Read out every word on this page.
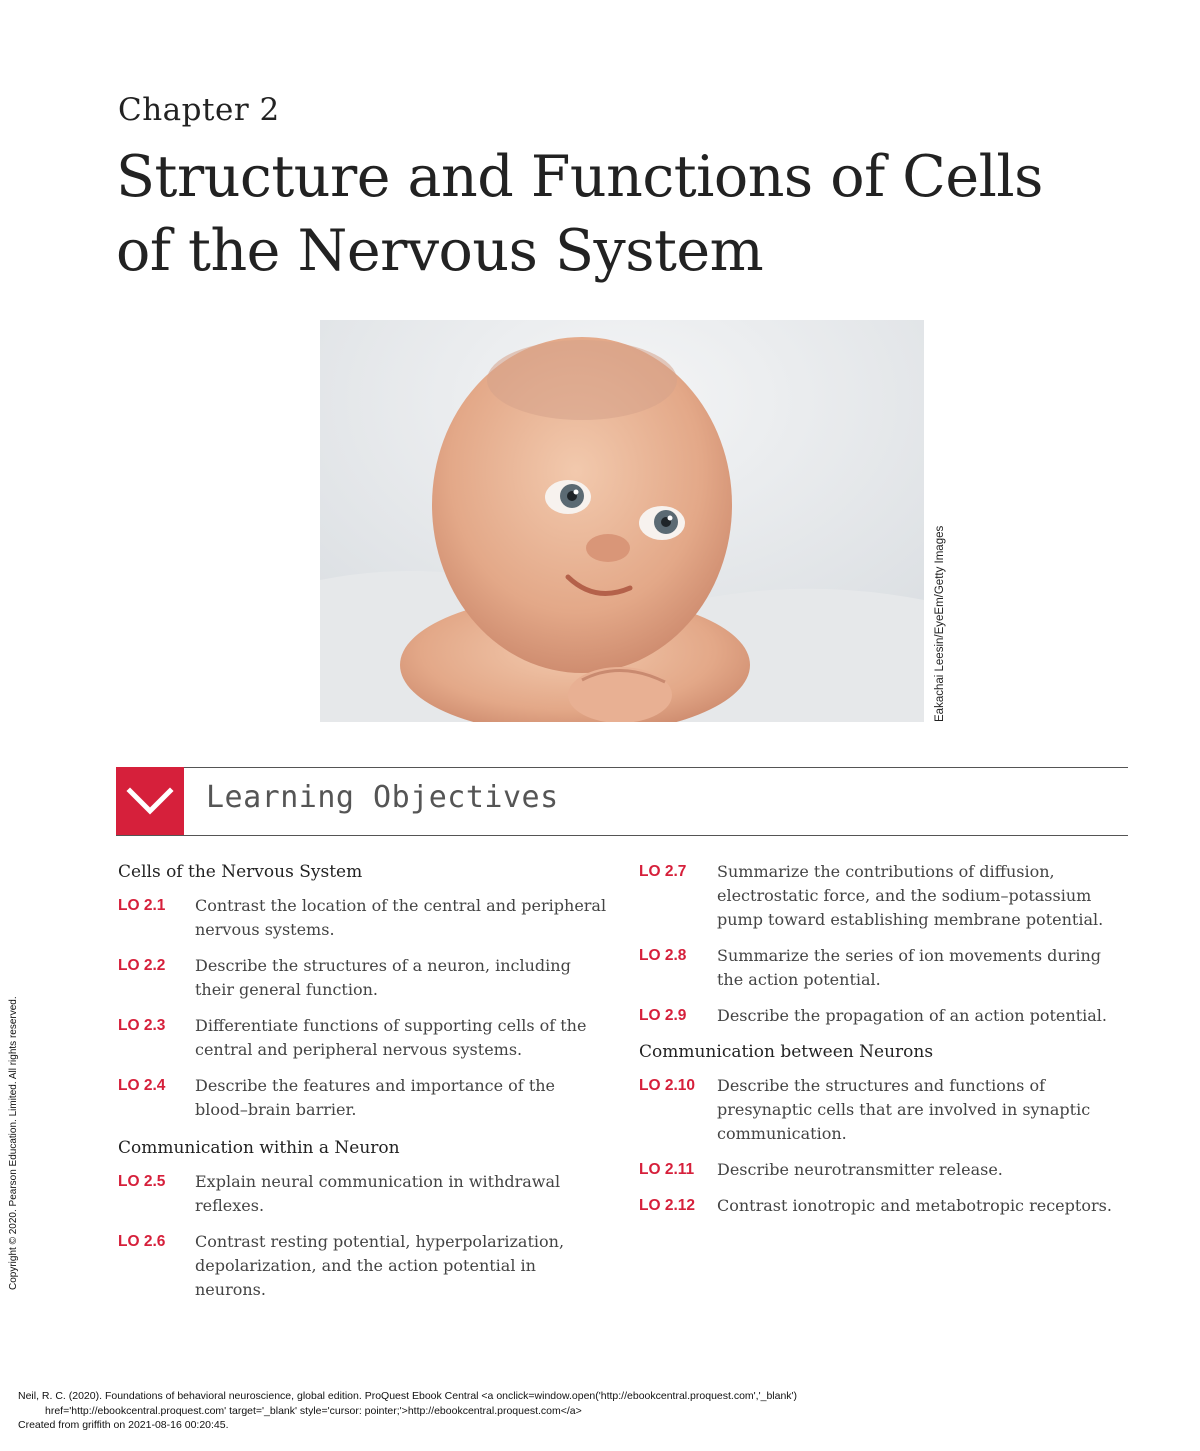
Chapter 2
Structure and Functions of Cells
of the Nervous System
Eakachai Leesin/EyeEm/Getty Images
Learning Objectives
Cells of the Nervous System
LO 2.1	Contrast the location of the central and peripheral nervous systems.
LO 2.2	Describe the structures of a neuron, including their general function.
LO 2.3	Differentiate functions of supporting cells of the central and peripheral nervous systems.
LO 2.4	Describe the features and importance of the blood–brain barrier.
Communication within a Neuron
LO 2.5	Explain neural communication in withdrawal reflexes.
LO 2.6	Contrast resting potential, hyperpolarization, depolarization, and the action potential in neurons.
LO 2.7	Summarize the contributions of diffusion, electrostatic force, and the sodium–potassium pump toward establishing membrane potential.
LO 2.8	Summarize the series of ion movements during the action potential.
LO 2.9	Describe the propagation of an action potential.
Communication between Neurons
LO 2.10	Describe the structures and functions of presynaptic cells that are involved in synaptic communication.
LO 2.11	Describe neurotransmitter release.
LO 2.12	Contrast ionotropic and metabotropic receptors.
Copyright © 2020. Pearson Education. Limited. All rights reserved.
Neil, R. C. (2020). Foundations of behavioral neuroscience, global edition. ProQuest Ebook Central <a onclick=window.open('http://ebookcentral.proquest.com','_blank')
href='http://ebookcentral.proquest.com' target='_blank' style='cursor: pointer;'>http://ebookcentral.proquest.com</a>
Created from griffith on 2021-08-16 00:20:45.
